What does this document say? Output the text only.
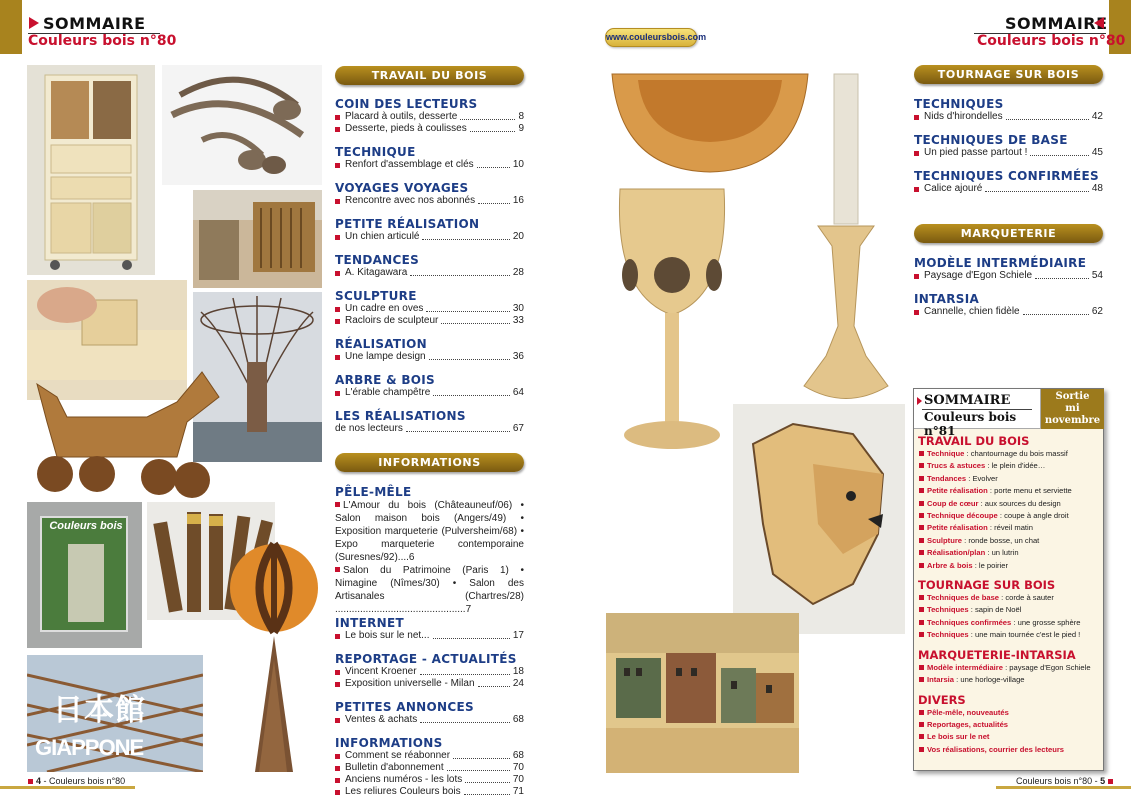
SOMMAIRE
Couleurs bois n°80
SOMMAIRE
Couleurs bois n°80
www.couleursbois.com
Couleurs bois
日本館
GIAPPONE
TRAVAIL DU BOIS
COIN DES LECTEURS
Placard à outils, desserte	8
Desserte, pieds à coulisses	9
TECHNIQUE
Renfort d'assemblage et clés	10
VOYAGES VOYAGES
Rencontre avec nos abonnés	16
PETITE RÉALISATION
Un chien articulé	20
TENDANCES
A. Kitagawara	28
SCULPTURE
Un cadre en oves	30
Racloirs de sculpteur	33
RÉALISATION
Une lampe design	36
ARBRE & BOIS
L'érable champêtre	64
LES RÉALISATIONS
de nos lecteurs	67
INFORMATIONS
PÊLE-MÊLE
L'Amour du bois (Châteauneuf/06) • Salon maison bois (Angers/49) • Exposition marqueterie (Pulversheim/68) • Expo marqueterie contemporaine (Suresnes/92)....6
Salon du Patrimoine (Paris 1) • Nimagine (Nîmes/30) • Salon des Artisanales (Chartres/28) ...............................................7
INTERNET
Le bois sur le net...	17
REPORTAGE - ACTUALITÉS
Vincent Kroener	18
Exposition universelle - Milan	24
PETITES ANNONCES
Ventes & achats	68
INFORMATIONS
Comment se réabonner	68
Bulletin d'abonnement	70
Anciens numéros - les lots	70
Les reliures Couleurs bois	71
TOURNAGE SUR BOIS
TECHNIQUES
Nids d'hirondelles	42
TECHNIQUES DE BASE
Un pied passe partout !	45
TECHNIQUES CONFIRMÉES
Calice ajouré	48
MARQUETERIE
MODÈLE INTERMÉDIAIRE
Paysage d'Egon Schiele	54
INTARSIA
Cannelle, chien fidèle	62
SOMMAIRE
Couleurs bois n°81
Sortie
mi
novembre
TRAVAIL DU BOIS
Technique : chantournage du bois massif
Trucs & astuces : le plein d'idée…
Tendances : Evolver
Petite réalisation : porte menu et serviette
Coup de cœur : aux sources du design
Technique découpe : coupe à angle droit
Petite réalisation : réveil matin
Sculpture : ronde bosse, un chat
Réalisation/plan : un lutrin
Arbre & bois : le poirier
TOURNAGE SUR BOIS
Techniques de base : corde à sauter
Techniques : sapin de Noël
Techniques confirmées : une grosse sphère
Techniques : une main tournée c'est le pied !
MARQUETERIE-INTARSIA
Modèle intermédiaire : paysage d'Egon Schiele
Intarsia : une horloge-village
DIVERS
Pêle-mêle, nouveautés
Reportages, actualités
Le bois sur le net
Vos réalisations, courrier des lecteurs
4 - Couleurs bois n°80	Couleurs bois n°80 - 5
